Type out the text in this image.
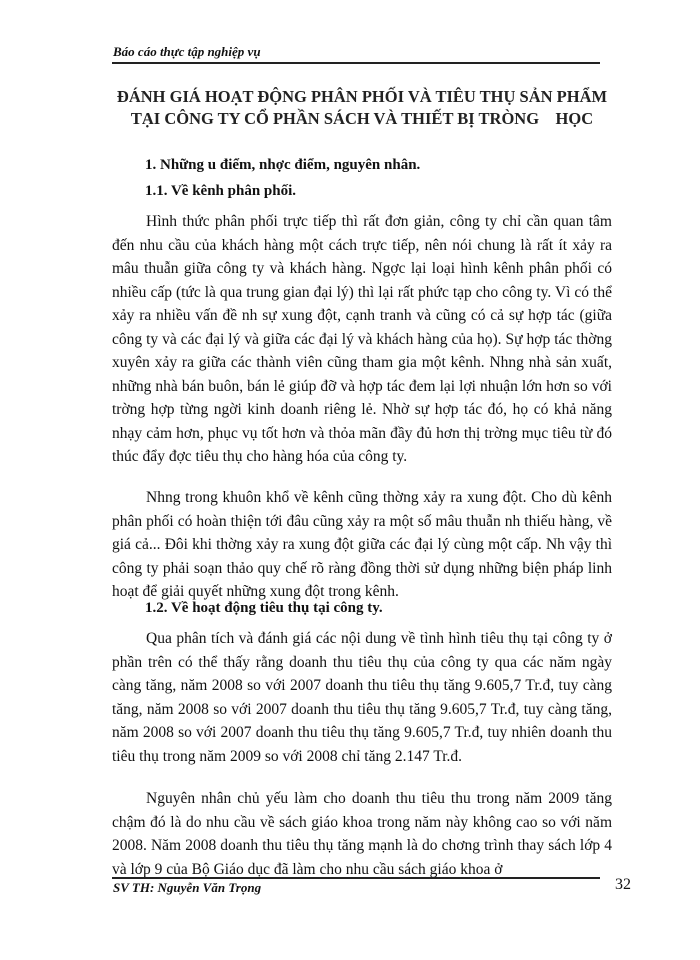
Báo cáo thực tập nghiệp vụ
ĐÁNH GIÁ HOẠT ĐỘNG PHÂN PHỐI VÀ TIÊU THỤ SẢN PHẨM
TẠI CÔNG TY CỔ PHẦN SÁCH VÀ THIẾT BỊ TRÒNG    HỌC
1. Những u điểm, nhợc điểm, nguyên nhân.
1.1. Về kênh phân phối.

Hình thức phân phối trực tiếp thì rất đơn giản, công ty chỉ cần quan tâm đến nhu cầu của khách hàng một cách trực tiếp, nên nói chung là rất ít xảy ra mâu thuẫn giữa công ty và khách hàng. Ngợc lại loại hình kênh phân phối có nhiều cấp (tức là qua trung gian đại lý) thì lại rất phức tạp cho công ty. Vì có thể xảy ra nhiều vấn đề nh sự xung đột, cạnh tranh và cũng có cả sự hợp tác (giữa công ty và các đại lý và giữa các đại lý và khách hàng của họ). Sự hợp tác thờng xuyên xảy ra giữa các thành viên cũng tham gia một kênh. Nhng nhà sản xuất, những nhà bán buôn, bán lẻ giúp đỡ và hợp tác đem lại lợi nhuận lớn hơn so với trờng hợp từng ngời kinh doanh riêng lẻ. Nhờ sự hợp tác đó, họ có khả năng nhạy cảm hơn, phục vụ tốt hơn và thỏa mãn đầy đủ hơn thị trờng mục tiêu từ đó thúc đẩy đợc tiêu thụ cho hàng hóa của công ty.

Nhng trong khuôn khổ về kênh cũng thờng xảy ra xung đột. Cho dù kênh phân phối có hoàn thiện tới đâu cũng xảy ra một số mâu thuẫn nh thiếu hàng, về giá cả... Đôi khi thờng xảy ra xung đột giữa các đại lý cùng một cấp. Nh vậy thì công ty phải soạn thảo quy chế rõ ràng đồng thời sử dụng những biện pháp linh hoạt để giải quyết những xung đột trong kênh.

1.2. Về hoạt động tiêu thụ tại công ty.

Qua phân tích và đánh giá các nội dung về tình hình tiêu thụ tại công ty ở phần trên có thể thấy rằng doanh thu tiêu thụ của công ty qua các năm ngày càng tăng, năm 2008 so với 2007 doanh thu tiêu thụ tăng 9.605,7 Tr.đ, tuy càng tăng, năm 2008 so với 2007 doanh thu tiêu thụ tăng 9.605,7 Tr.đ, tuy càng tăng, năm 2008 so với 2007 doanh thu tiêu thụ tăng 9.605,7 Tr.đ, tuy nhiên doanh thu tiêu thụ trong năm 2009 so với 2008 chỉ tăng 2.147 Tr.đ.

Nguyên nhân chủ yếu làm cho doanh thu tiêu thu trong năm 2009 tăng chậm đó là do nhu cầu về sách giáo khoa trong năm này không cao so với năm 2008. Năm 2008 doanh thu tiêu thụ tăng mạnh là do chơng trình thay sách lớp 4 và lớp 9 của Bộ Giáo dục đã làm cho nhu cầu sách giáo khoa ở

SV TH: Nguyễn Văn Trọng	32
